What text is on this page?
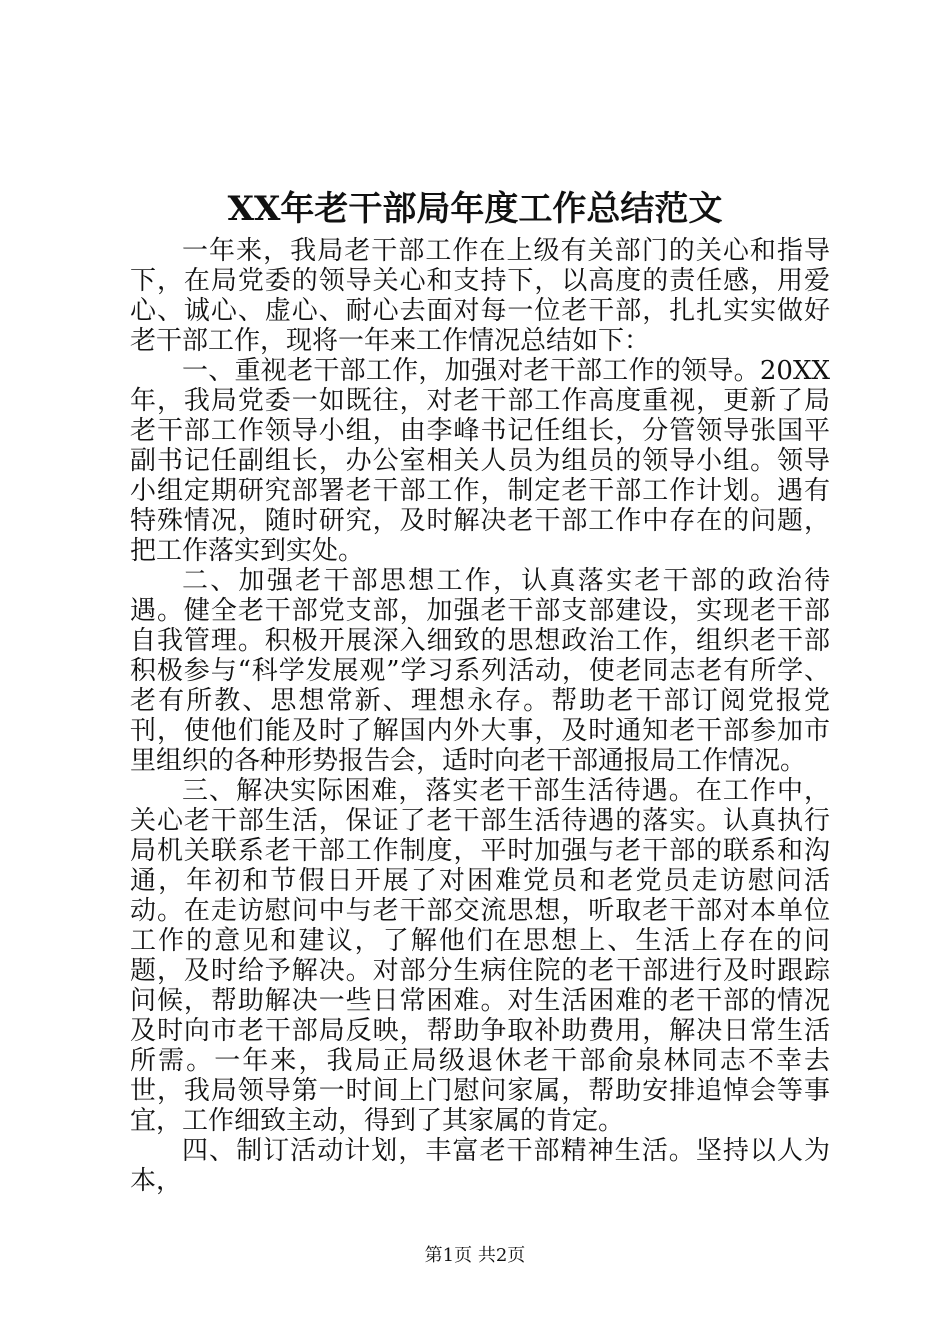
XX年老干部局年度工作总结范文

一年来，我局老干部工作在上级有关部门的关心和指导下，在局党委的领导关心和支持下，以高度的责任感，用爱心、诚心、虚心、耐心去面对每一位老干部，扎扎实实做好老干部工作，现将一年来工作情况总结如下：

一、重视老干部工作，加强对老干部工作的领导。20XX年，我局党委一如既往，对老干部工作高度重视，更新了局老干部工作领导小组，由李峰书记任组长，分管领导张国平副书记任副组长，办公室相关人员为组员的领导小组。领导小组定期研究部署老干部工作，制定老干部工作计划。遇有特殊情况，随时研究，及时解决老干部工作中存在的问题，把工作落实到实处。

二、加强老干部思想工作，认真落实老干部的政治待遇。健全老干部党支部，加强老干部支部建设，实现老干部自我管理。积极开展深入细致的思想政治工作，组织老干部积极参与“科学发展观”学习系列活动，使老同志老有所学、老有所教、思想常新、理想永存。帮助老干部订阅党报党刊，使他们能及时了解国内外大事，及时通知老干部参加市里组织的各种形势报告会，适时向老干部通报局工作情况。

三、解决实际困难，落实老干部生活待遇。在工作中，关心老干部生活，保证了老干部生活待遇的落实。认真执行局机关联系老干部工作制度，平时加强与老干部的联系和沟通，年初和节假日开展了对困难党员和老党员走访慰问活动。在走访慰问中与老干部交流思想，听取老干部对本单位工作的意见和建议，了解他们在思想上、生活上存在的问题，及时给予解决。对部分生病住院的老干部进行及时跟踪问候，帮助解决一些日常困难。对生活困难的老干部的情况及时向市老干部局反映，帮助争取补助费用，解决日常生活所需。一年来，我局正局级退休老干部俞泉林同志不幸去世，我局领导第一时间上门慰问家属，帮助安排追悼会等事宜，工作细致主动，得到了其家属的肯定。

四、制订活动计划，丰富老干部精神生活。坚持以人为本，

第1页 共2页
